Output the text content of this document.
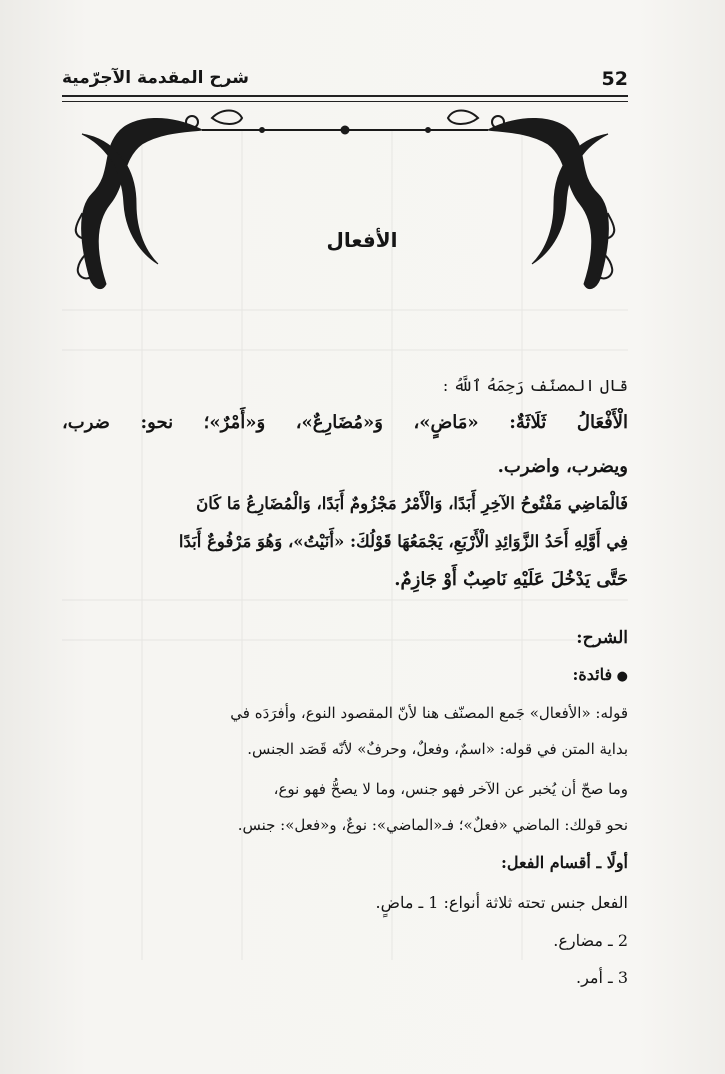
52
شرح المقدمة الآجرّمية
الأفعال
قال المصنّف رَحِمَهُ ٱللَّهُ :
الْأَفْعَالُ ثَلَاثَةٌ: «مَاضٍ»، وَ«مُضَارِعٌ»، وَ«أَمْرٌ»؛ نحو: ضرب،
ويضرب، واضرب.
فَالْمَاضِي مَفْتُوحُ الآخِرِ أَبَدًا، وَالْأَمْرُ مَجْزُومٌ أَبَدًا، وَالْمُضَارِعُ مَا كَانَ
فِي أَوَّلِهِ أَحَدُ الزَّوَائِدِ الْأَرْبَعِ، يَجْمَعُهَا قَوْلُكَ: «أَنَيْتُ»، وَهُوَ مَرْفُوعٌ أَبَدًا
حَتَّى يَدْخُلَ عَلَيْهِ نَاصِبٌ أَوْ جَازِمٌ.
الشرح:
● فائدة:
قوله: «الأفعال» جَمع المصنّف هنا لأنّ المقصود النوع، وأفرَدَه في
بداية المتن في قوله: «اسمٌ، وفعلٌ، وحرفٌ» لأنّه قَصَد الجنس.
وما صحّ أن يُخبر عن الآخر فهو جنس، وما لا يصحُّ فهو نوع،
نحو قولك: الماضي «فعلٌ»؛ فـ«الماضي»: نوعٌ، و«فعل»: جنس.
أولًا ـ أقسام الفعل:
الفعل جنس تحته ثلاثة أنواع: 1 ـ ماضٍ.
2 ـ مضارع.
3 ـ أمر.
